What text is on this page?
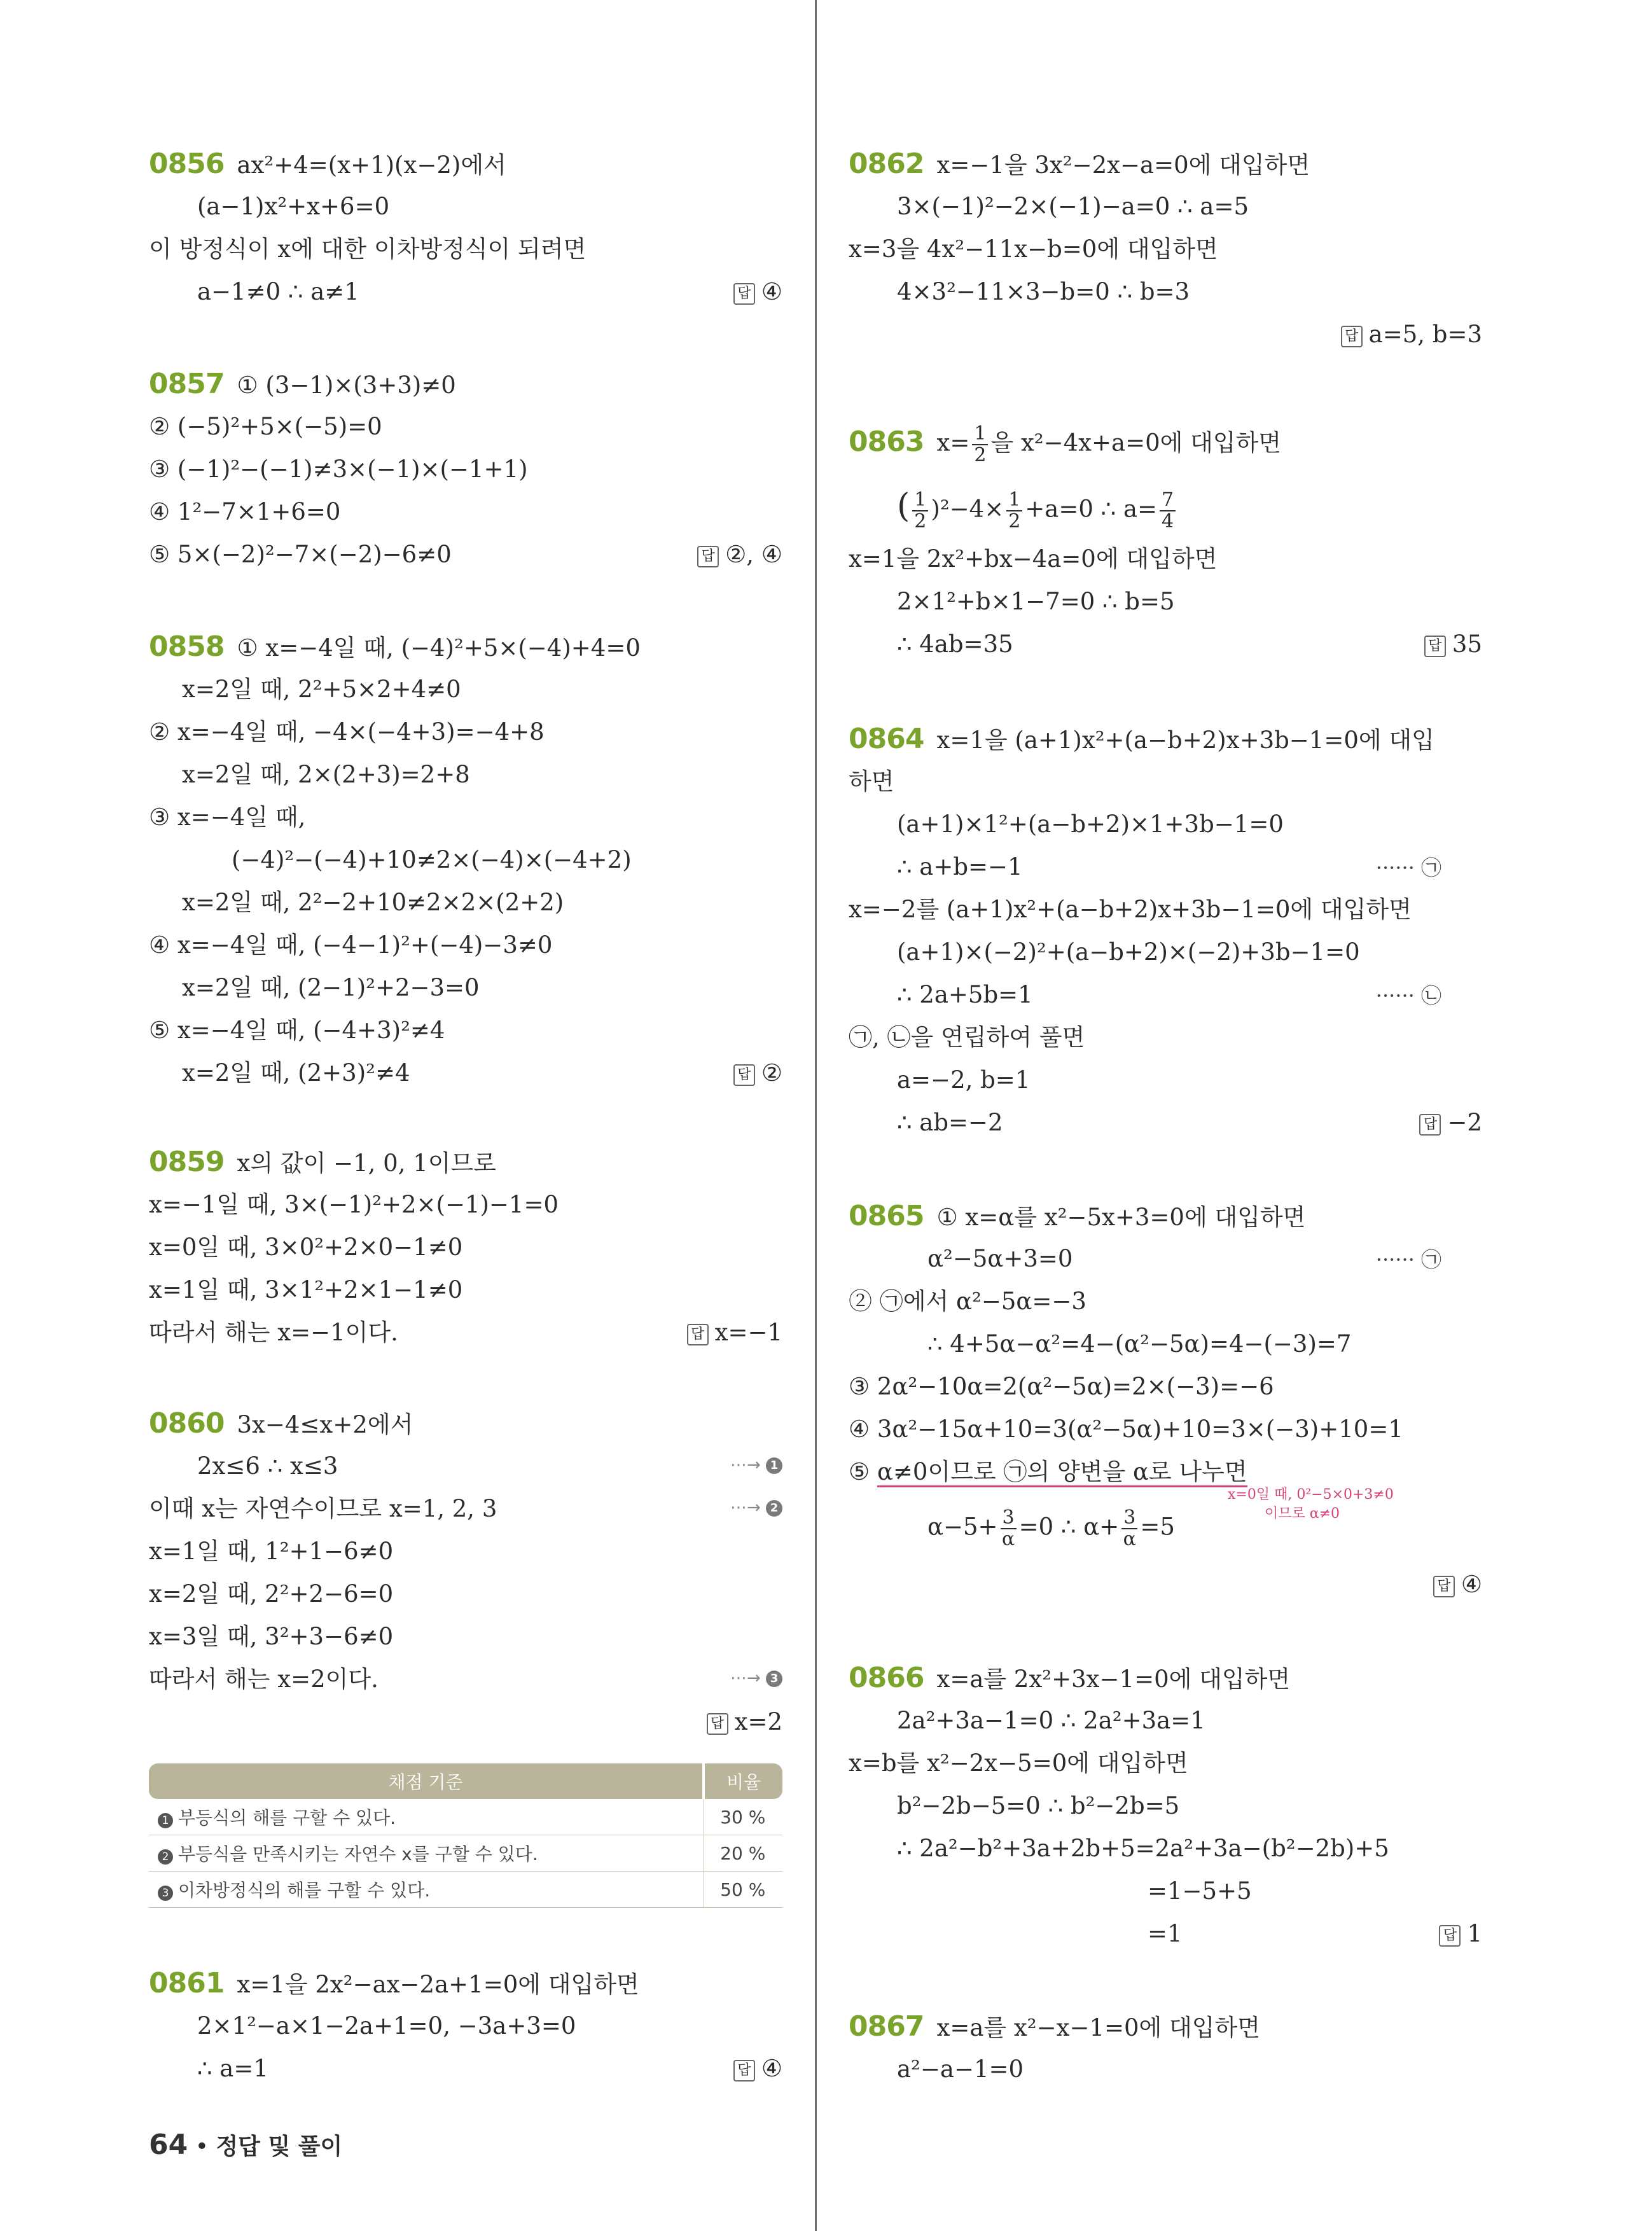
0856 ax²+4=(x+1)(x−2)에서
(a−1)x²+x+6=0
이 방정식이 x에 대한 이차방정식이 되려면
a−1≠0 ∴ a≠1	답 ④
0857 ① (3−1)×(3+3)≠0
② (−5)²+5×(−5)=0
③ (−1)²−(−1)≠3×(−1)×(−1+1)
④ 1²−7×1+6=0
⑤ 5×(−2)²−7×(−2)−6≠0	답 ②, ④
0858 ① x=−4일 때, (−4)²+5×(−4)+4=0
x=2일 때, 2²+5×2+4≠0
② x=−4일 때, −4×(−4+3)=−4+8
x=2일 때, 2×(2+3)=2+8
③ x=−4일 때,
(−4)²−(−4)+10≠2×(−4)×(−4+2)
x=2일 때, 2²−2+10≠2×2×(2+2)
④ x=−4일 때, (−4−1)²+(−4)−3≠0
x=2일 때, (2−1)²+2−3=0
⑤ x=−4일 때, (−4+3)²≠4
x=2일 때, (2+3)²≠4	답 ②
0859 x의 값이 −1, 0, 1이므로
x=−1일 때, 3×(−1)²+2×(−1)−1=0
x=0일 때, 3×0²+2×0−1≠0
x=1일 때, 3×1²+2×1−1≠0
따라서 해는 x=−1이다.	답 x=−1
0860 3x−4≤x+2에서
2x≤6 ∴ x≤3	⋯→ 1
이때 x는 자연수이므로 x=1, 2, 3	⋯→ 2
x=1일 때, 1²+1−6≠0
x=2일 때, 2²+2−6=0
x=3일 때, 3²+3−6≠0
따라서 해는 x=2이다.	⋯→ 3
답 x=2
채점 기준	비율
1 부등식의 해를 구할 수 있다.	30 %
2 부등식을 만족시키는 자연수 x를 구할 수 있다.	20 %
3 이차방정식의 해를 구할 수 있다.	50 %
0861 x=1을 2x²−ax−2a+1=0에 대입하면
2×1²−a×1−2a+1=0, −3a+3=0
∴ a=1	답 ④
0862 x=−1을 3x²−2x−a=0에 대입하면
3×(−1)²−2×(−1)−a=0 ∴ a=5
x=3을 4x²−11x−b=0에 대입하면
4×3²−11×3−b=0 ∴ b=3
답 a=5, b=3
0863 $x= \frac{1}{2}$ 을 x²−4x+a=0에 대입하면
( $\frac{1}{2} )^2-4\times \frac{1}{2} +a=0$ ∴ $a= \frac{7}{4}$
x=1을 2x²+bx−4a=0에 대입하면
2×1²+b×1−7=0 ∴ b=5
∴ 4ab=35	답 35
0864 x=1을 (a+1)x²+(a−b+2)x+3b−1=0에 대입
하면
(a+1)×1²+(a−b+2)×1+3b−1=0
∴ a+b=−1	······ ㉠
x=−2를 (a+1)x²+(a−b+2)x+3b−1=0에 대입하면
(a+1)×(−2)²+(a−b+2)×(−2)+3b−1=0
∴ 2a+5b=1	······ ㉡
㉠, ㉡을 연립하여 풀면
a=−2, b=1
∴ ab=−2	답 −2
0865 ① x=α를 x²−5x+3=0에 대입하면
α²−5α+3=0	······ ㉠
② ㉠에서 α²−5α=−3
∴ 4+5α−α²=4−(α²−5α)=4−(−3)=7
③ 2α²−10α=2(α²−5α)=2×(−3)=−6
④ 3α²−15α+10=3(α²−5α)+10=3×(−3)+10=1
⑤ α≠0이므로 ㉠의 양변을 α로 나누면
x=0일 때, 0²−5×0+3≠0
이므로 α≠0
$\alpha-5+ \frac{3}{\alpha} =0$ ∴ $\alpha+ \frac{3}{\alpha} =5$
답 ④
0866 x=a를 2x²+3x−1=0에 대입하면
2a²+3a−1=0 ∴ 2a²+3a=1
x=b를 x²−2x−5=0에 대입하면
b²−2b−5=0 ∴ b²−2b=5
∴ 2a²−b²+3a+2b+5=2a²+3a−(b²−2b)+5
=1−5+5
=1	답 1
0867 x=a를 x²−x−1=0에 대입하면
a²−a−1=0
64 • 정답 및 풀이
